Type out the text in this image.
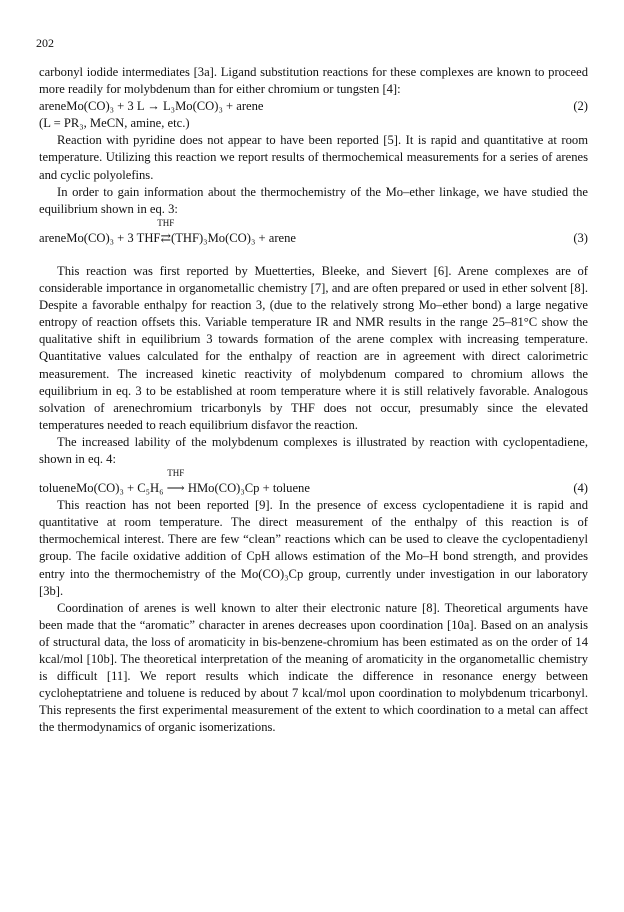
202

carbonyl iodide intermediates [3a]. Ligand substitution reactions for these complexes are known to proceed more readily for molybdenum than for either chromium or tungsten [4]:

areneMo(CO)₃ + 3 L → L₃Mo(CO)₃ + arene	(2)

(L = PR₃, MeCN, amine, etc.)

Reaction with pyridine does not appear to have been reported [5]. It is rapid and quantitative at room temperature. Utilizing this reaction we report results of thermochemical measurements for a series of arenes and cyclic polyolefins.

In order to gain information about the thermochemistry of the Mo–ether linkage, we have studied the equilibrium shown in eq. 3:

areneMo(CO)₃ + 3 THF
THF
⇄(THF)₃Mo(CO)₃ + arene	(3)

This reaction was first reported by Muetterties, Bleeke, and Sievert [6]. Arene complexes are of considerable importance in organometallic chemistry [7], and are often prepared or used in ether solvent [8]. Despite a favorable enthalpy for reaction 3, (due to the relatively strong Mo–ether bond) a large negative entropy of reaction offsets this. Variable temperature IR and NMR results in the range 25–81°C show the qualitative shift in equilibrium 3 towards formation of the arene complex with increasing temperature. Quantitative values calculated for the enthalpy of reaction are in agreement with direct calorimetric measurement. The increased kinetic reactivity of molybdenum compared to chromium allows the equilibrium in eq. 3 to be established at room temperature where it is still relatively favorable. Analogous solvation of arenechromium tricarbonyls by THF does not occur, presumably since the elevated temperatures needed to reach equilibrium disfavor the reaction.

The increased lability of the molybdenum complexes is illustrated by reaction with cyclopentadiene, shown in eq. 4:

tolueneMo(CO)₃ + C₅H₆
THF
⟶ HMo(CO)₃Cp + toluene	(4)

This reaction has not been reported [9]. In the presence of excess cyclopentadiene it is rapid and quantitative at room temperature. The direct measurement of the enthalpy of this reaction is of thermochemical interest. There are few “clean” reactions which can be used to cleave the cyclopentadienyl group. The facile oxidative addition of CpH allows estimation of the Mo–H bond strength, and provides entry into the thermochemistry of the Mo(CO)₃Cp group, currently under investigation in our laboratory [3b].

Coordination of arenes is well known to alter their electronic nature [8]. Theoretical arguments have been made that the “aromatic” character in arenes decreases upon coordination [10a]. Based on an analysis of structural data, the loss of aromaticity in bis-benzene-chromium has been estimated as on the order of 14 kcal/mol [10b]. The theoretical interpretation of the meaning of aromaticity in the organometallic chemistry is difficult [11]. We report results which indicate the difference in resonance energy between cycloheptatriene and toluene is reduced by about 7 kcal/mol upon coordination to molybdenum tricarbonyl. This represents the first experimental measurement of the extent to which coordination to a metal can affect the thermodynamics of organic isomerizations.
